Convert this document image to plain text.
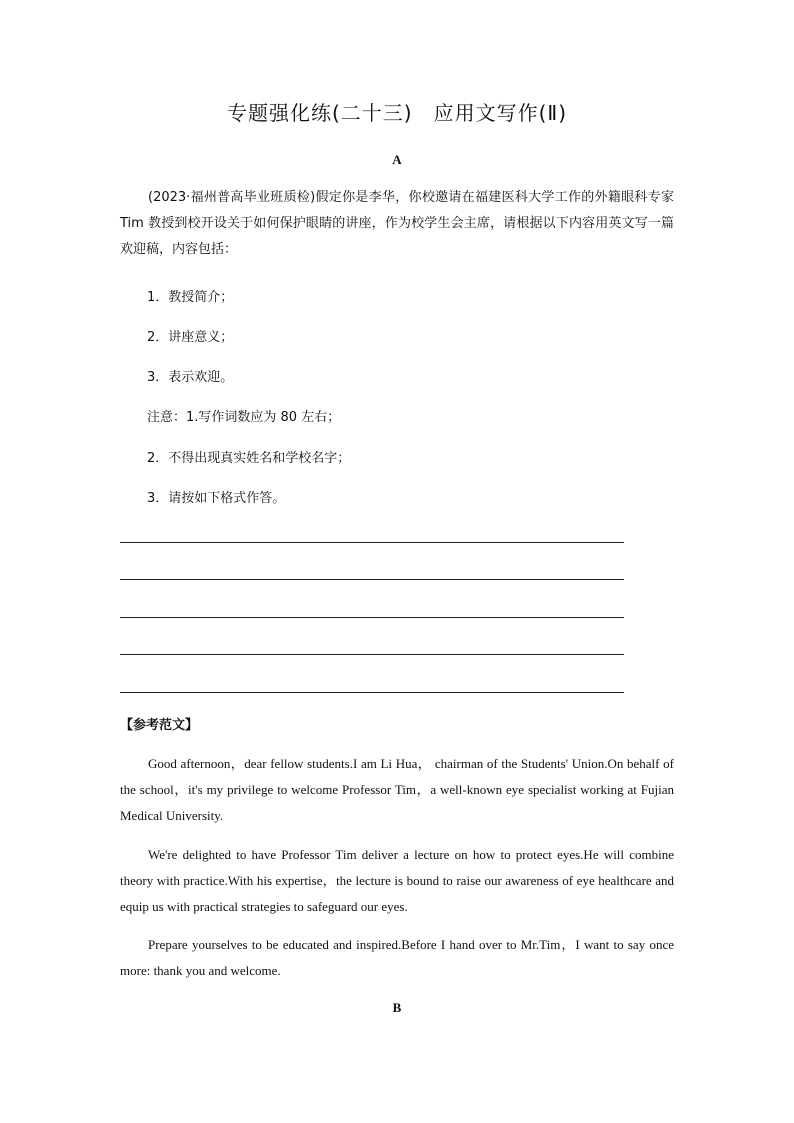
专题强化练(二十三)　应用文写作(Ⅱ)
A
(2023·福州普高毕业班质检)假定你是李华，你校邀请在福建医科大学工作的外籍眼科专家 Tim 教授到校开设关于如何保护眼睛的讲座，作为校学生会主席，请根据以下内容用英文写一篇欢迎稿，内容包括：
1．教授简介；
2．讲座意义；
3．表示欢迎。
注意：1.写作词数应为 80 左右；
2．不得出现真实姓名和学校名字；
3．请按如下格式作答。
【参考范文】
Good afternoon，dear fellow students.I am Li Hua， chairman of the Students' Union.On behalf of the school，it's my privilege to welcome Professor Tim，a well-known eye specialist working at Fujian Medical University.
We're delighted to have Professor Tim deliver a lecture on how to protect eyes.He will combine theory with practice.With his expertise，the lecture is bound to raise our awareness of eye healthcare and equip us with practical strategies to safeguard our eyes.
Prepare yourselves to be educated and inspired.Before I hand over to Mr.Tim，I want to say once more: thank you and welcome.
B
